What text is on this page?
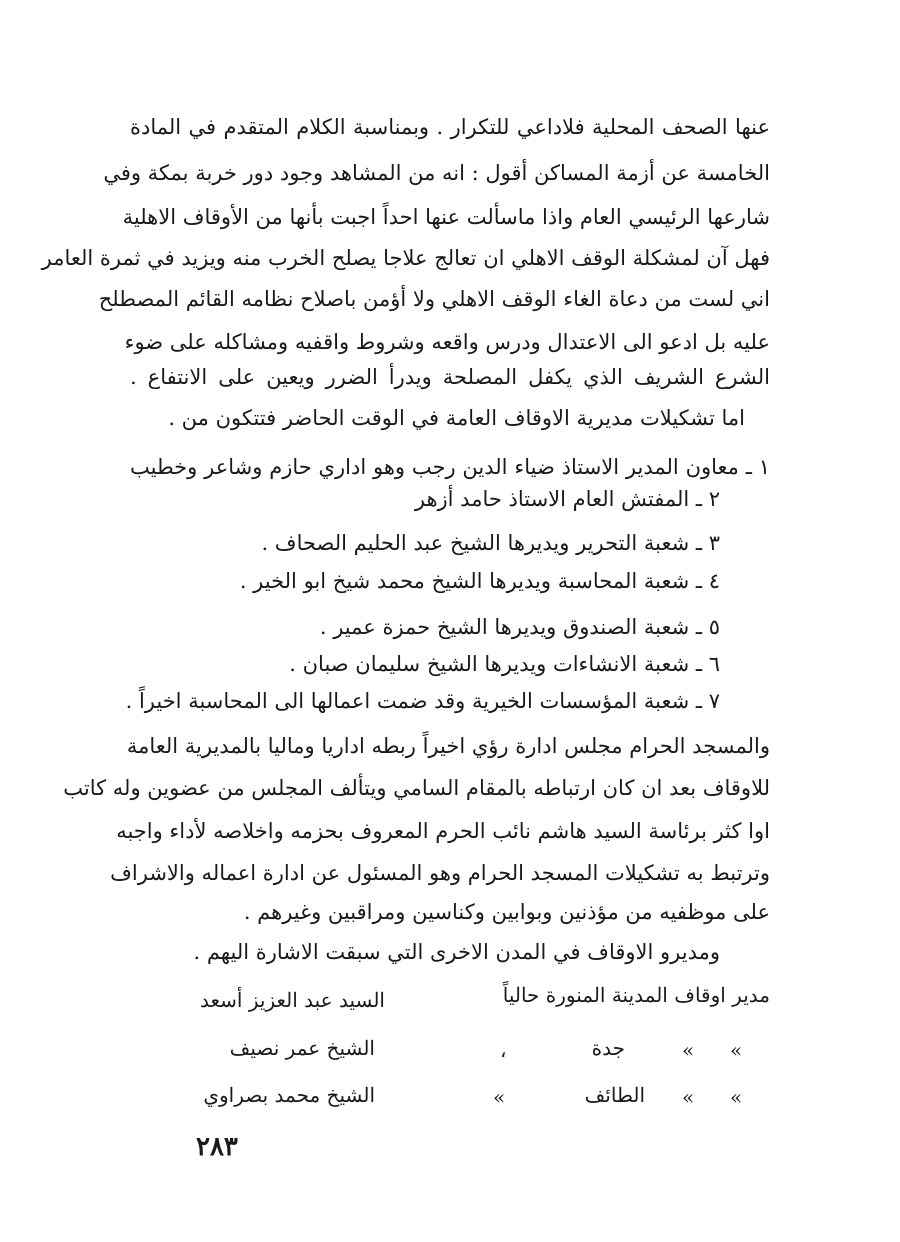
عنها الصحف المحلية فلاداعي للتكرار . وبمناسبة الكلام المتقدم في المادة
الخامسة عن أزمة المساكن أقول : انه من المشاهد وجود دور خربة بمكة وفي
شارعها الرئيسي العام واذا ماسألت عنها احداً اجبت بأنها من الأوقاف الاهلية
فهل آن لمشكلة الوقف الاهلي ان تعالج علاجا يصلح الخرب منه ويزيد في ثمرة العامر
اني لست من دعاة الغاء الوقف الاهلي ولا أؤمن باصلاح نظامه القائم المصطلح
عليه بل ادعو الى الاعتدال ودرس واقعه وشروط واقفيه ومشاكله على ضوء
الشرع الشريف الذي يكفل المصلحة ويدرأ الضرر ويعين على الانتفاع .
اما تشكيلات مديرية الاوقاف العامة في الوقت الحاضر فتتكون من .
١ ـ معاون المدير الاستاذ ضياء الدين رجب وهو اداري حازم وشاعر وخطيب
٢ ـ المفتش العام الاستاذ حامد أزهر
٣ ـ شعبة التحرير ويديرها الشيخ عبد الحليم الصحاف .
٤ ـ شعبة المحاسبة ويديرها الشيخ محمد شيخ ابو الخير .
٥ ـ شعبة الصندوق ويديرها الشيخ حمزة عمير .
٦ ـ شعبة الانشاءات ويديرها الشيخ سليمان صبان .
٧ ـ شعبة المؤسسات الخيرية وقد ضمت اعمالها الى المحاسبة اخيراً .
والمسجد الحرام مجلس ادارة رؤي اخيراً ربطه اداريا وماليا بالمديرية العامة
للاوقاف بعد ان كان ارتباطه بالمقام السامي ويتألف المجلس من عضوين وله كاتب
اوا كثر برئاسة السيد هاشم نائب الحرم المعروف بحزمه واخلاصه لأداء واجبه
وترتبط به تشكيلات المسجد الحرام وهو المسئول عن ادارة اعماله والاشراف
على موظفيه من مؤذنين وبوابين وكناسين ومراقبين وغيرهم .
ومديرو الاوقاف في المدن الاخرى التي سبقت الاشارة اليهم .
مدير اوقاف المدينة المنورة حالياً
السيد عبد العزيز أسعد
«
«
جدة
،
الشيخ عمر نصيف
«
«
الطائف
«
الشيخ محمد بصراوي
٢٨٣
